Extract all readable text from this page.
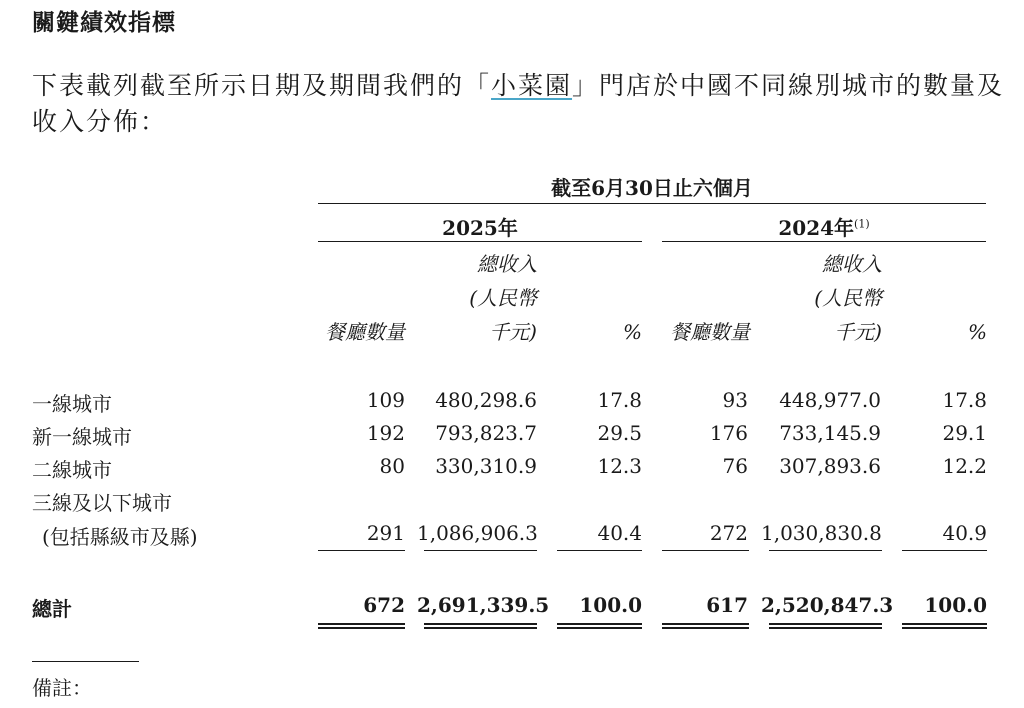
關鍵績效指標
下表載列截至所示日期及期間我們的「小菜園」門店於中國不同線別城市的數量及
收入分佈：
截至6月30日止六個月
2025年	2024年$^{(1)}$
餐廳數量
總收入
(人民幣
千元)	%	餐廳數量
總收入
(人民幣
千元)	%
一線城市	109	480,298.6	17.8	93	448,977.0	17.8
新一線城市	192	793,823.7	29.5	176	733,145.9	29.1
二線城市	80	330,310.9	12.3	76	307,893.6	12.2
三線及以下城市
(包括縣級市及縣)	291 1,086,906.3	40.4	272 1,030,830.8	40.9
總計	672 2,691,339.5	100.0	617 2,520,847.3	100.0
備註：
